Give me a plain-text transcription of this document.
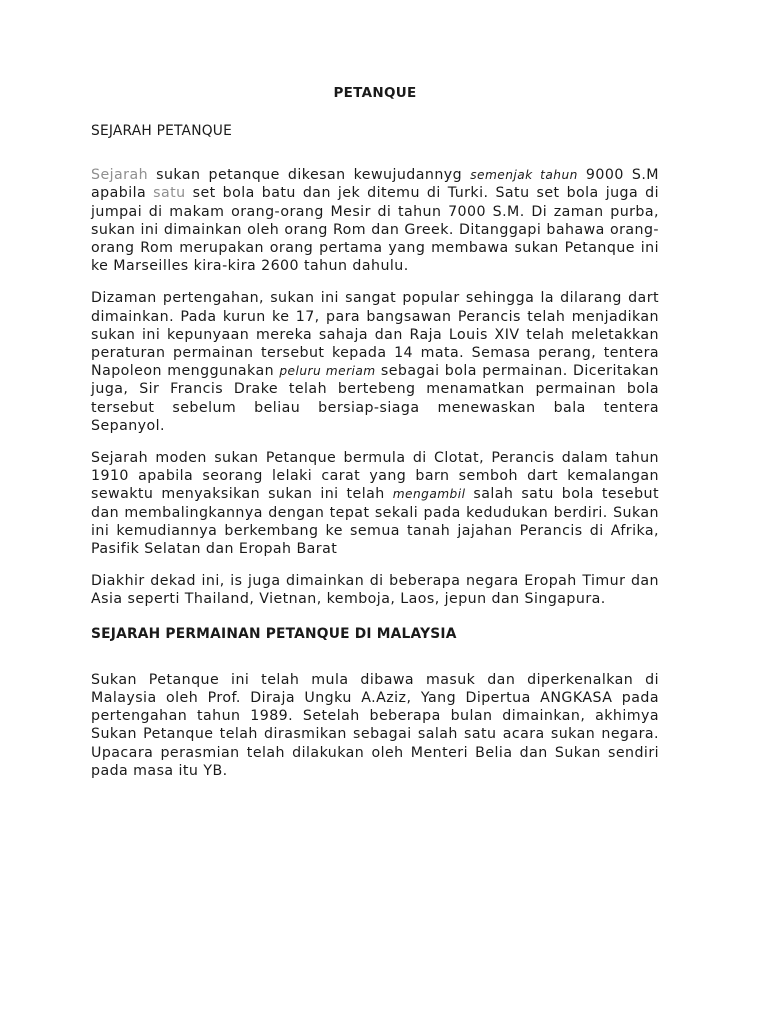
PETANQUE
SEJARAH PETANQUE

Sejarah sukan petanque dikesan kewujudannyg semenjak tahun 9000 S.M apabila satu set bola batu dan jek ditemu di Turki. Satu set bola juga di jumpai di makam orang-orang Mesir di tahun 7000 S.M. Di zaman purba, sukan ini dimainkan oleh orang Rom dan Greek. Ditanggapi bahawa orang-orang Rom merupakan orang pertama yang membawa sukan Petanque ini ke Marseilles kira-kira 2600 tahun dahulu.

Dizaman pertengahan, sukan ini sangat popular sehingga la dilarang dart dimainkan. Pada kurun ke 17, para bangsawan Perancis telah menjadikan sukan ini kepunyaan mereka sahaja dan Raja Louis XIV telah meletakkan peraturan permainan tersebut kepada 14 mata. Semasa perang, tentera Napoleon menggunakan peluru meriam sebagai bola permainan. Diceritakan juga, Sir Francis Drake telah bertebeng menamatkan permainan bola tersebut sebelum beliau bersiap-siaga menewaskan bala tentera Sepanyol.

Sejarah moden sukan Petanque bermula di Clotat, Perancis dalam tahun 1910 apabila seorang lelaki carat yang barn semboh dart kemalangan sewaktu menyaksikan sukan ini telah mengambil salah satu bola tesebut dan membalingkannya dengan tepat sekali pada kedudukan berdiri. Sukan ini kemudiannya berkembang ke semua tanah jajahan Perancis di Afrika, Pasifik Selatan dan Eropah Barat

Diakhir dekad ini, is juga dimainkan di beberapa negara Eropah Timur dan Asia seperti Thailand, Vietnan, kemboja, Laos, jepun dan Singapura.

SEJARAH PERMAINAN PETANQUE DI MALAYSIA

Sukan Petanque ini telah mula dibawa masuk dan diperkenalkan di Malaysia oleh Prof. Diraja Ungku A.Aziz, Yang Dipertua ANGKASA pada pertengahan tahun 1989. Setelah beberapa bulan dimainkan, akhimya Sukan Petanque telah dirasmikan sebagai salah satu acara sukan negara. Upacara perasmian telah dilakukan oleh Menteri Belia dan Sukan sendiri pada masa itu YB.
